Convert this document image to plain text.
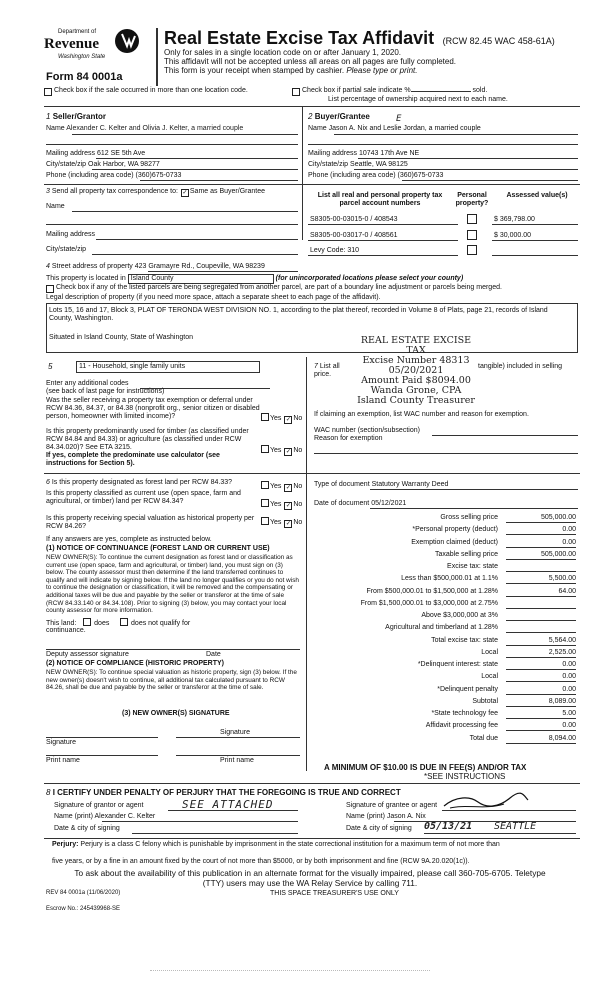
Department of
Revenue
Washington State
Form 84 0001a
Real Estate Excise Tax Affidavit (RCW 82.45 WAC 458-61A)
Only for sales in a single location code on or after January 1, 2020.
This affidavit will not be accepted unless all areas on all pages are fully completed.
This form is your receipt when stamped by cashier. Please type or print.
Check box if the sale occurred in more than one location code.	Check box if partial sale indicate %	sold.
List percentage of ownership acquired next to each name.
1 Seller/Grantor
Name Alexander C. Kelter and Olivia J. Kelter, a married couple
Mailing address 612 SE 5th Ave
City/state/zip Oak Harbor, WA 98277
Phone (including area code) (360)675-0733
2 Buyer/Grantee	E
Name Jason A. Nix and Leslie Jordan, a married couple
Mailing address 10743 17th Ave NE
City/state/zip Seattle, WA 98125
Phone (including area code) (360)675-0733
3 Send all property tax correspondence to: ✓ Same as Buyer/Grantee
Name
Mailing address
City/state/zip
List all real and personal property tax parcel account numbers
Personal property?
Assessed value(s)
S8305-00-03015-0 / 408543	$ 369,798.00
S8305-00-03017-0 / 408561	$ 30,000.00
Levy Code: 310
4 Street address of property 423 Gramayre Rd., Coupeville, WA 98239
This property is located in Island County	(for unincorporated locations please select your county)
Check box if any of the listed parcels are being segregated from another parcel, are part of a boundary line adjustment or parcels being merged.
Legal description of property (if you need more space, attach a separate sheet to each page of the affidavit).
Lots 15, 16 and 17, Block 3, PLAT OF TERONDA WEST DIVISION NO. 1, according to the plat thereof, recorded in Volume 8 of Plats, page 21, records of Island County, Washington.
Situated in Island County, State of Washington	REAL ESTATE EXCISE TAX
Excise Number 48313
05/20/2021
Amount Paid $8094.00
Wanda Grone, CPA
Island County Treasurer
5	11 - Household, single family units
Enter any additional codes
(see back of last page for instructions)
Was the seller receiving a property tax exemption or deferral under RCW 84.36, 84.37, or 84.38 (nonprofit org., senior citizen or disabled person, homeowner with limited income)?	Yes ✓ No
Is this property predominantly used for timber (as classified under RCW 84.84 and 84.33) or agriculture (as classified under RCW 84.34.020)? See ETA 3215.	Yes ✓ No
If yes, complete the predominate use calculator (see instructions for Section 5).
7 List all
price.
tangible) included in selling
If claiming an exemption, list WAC number and reason for exemption.
WAC number (section/subsection)
Reason for exemption
6 Is this property designated as forest land per RCW 84.33?
Yes ✓ No
Is this property classified as current use (open space, farm and agricultural, or timber) land per RCW 84.34?	Yes ✓ No
Is this property receiving special valuation as historical property per RCW 84.26?
Yes ✓ No
If any answers are yes, complete as instructed below.
(1) NOTICE OF CONTINUANCE (FOREST LAND OR CURRENT USE)
NEW OWNER(S): To continue the current designation as forest land or classification as current use (open space, farm and agricultural, or timber) land, you must sign on (3) below. The county assessor must then determine if the land transferred continues to qualify and will indicate by signing below. If the land no longer qualifies or you do not wish to continue the designation or classification, it will be removed and the compensating or additional taxes will be due and payable by the seller or transferor at the time of sale (RCW 84.33.140 or 84.34.108). Prior to signing (3) below, you may contact your local county assessor for more information.
This land:	does	does not qualify for
continuance.
Deputy assessor signature	Date
(2) NOTICE OF COMPLIANCE (HISTORIC PROPERTY)
NEW OWNER(S): To continue special valuation as historic property, sign (3) below. If the new owner(s) doesn't wish to continue, all additional tax calculated pursuant to RCW 84.26, shall be due and payable by the seller or transferor at the time of sale.
(3) NEW OWNER(S) SIGNATURE
Signature
Signature
Print name	Print name
Type of document Statutory Warranty Deed
Date of document 05/12/2021
Gross selling price	505,000.00
*Personal property (deduct)	0.00
Exemption claimed (deduct)	0.00
Taxable selling price	505,000.00
Excise tax: state
Less than $500,000.01 at 1.1%	5,500.00
From $500,000.01 to $1,500,000 at 1.28%	64.00
From $1,500,000.01 to $3,000,000 at 2.75%
Above $3,000,000 at 3%
Agricultural and timberland at 1.28%
Total excise tax: state	5,564.00
Local	2,525.00
*Delinquent interest: state	0.00
Local	0.00
*Delinquent penalty	0.00
Subtotal	8,089.00
*State technology fee	5.00
Affidavit processing fee	0.00
Total due	8,094.00
A MINIMUM OF $10.00 IS DUE IN FEE(S) AND/OR TAX
*SEE INSTRUCTIONS
8 I CERTIFY UNDER PENALTY OF PERJURY THAT THE FOREGOING IS TRUE AND CORRECT
Signature of grantor or agent	SEE ATTACHED
Name (print) Alexander C. Kelter
Date & city of signing
Signature of grantee or agent
Name (print) Jason A. Nix
Date & city of signing 05/13/21 SEATTLE
Perjury: Perjury is a class C felony which is punishable by imprisonment in the state correctional institution for a maximum term of not more than
five years, or by a fine in an amount fixed by the court of not more than $5000, or by both imprisonment and fine (RCW 9A.20.020(1c)).
To ask about the availability of this publication in an alternate format for the visually impaired, please call 360-705-6705. Teletype (TTY) users may use the WA Relay Service by calling 711.
REV 84 0001a (11/06/2020)	THIS SPACE TREASURER'S USE ONLY
Escrow No.: 245439968-SE
